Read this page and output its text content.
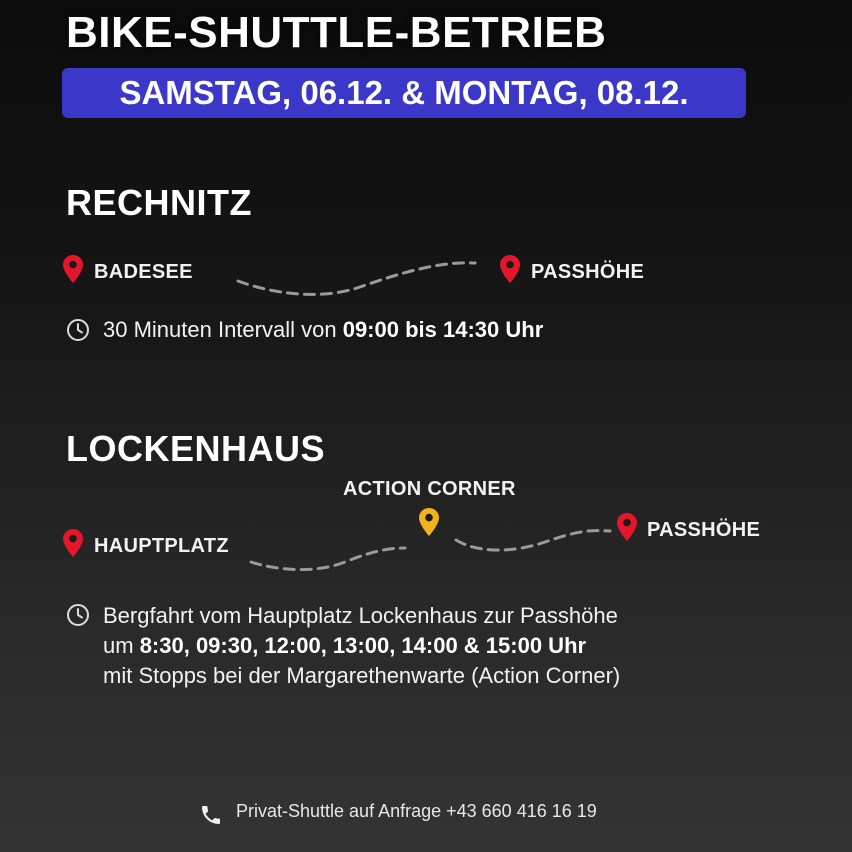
BIKE-SHUTTLE-BETRIEB
SAMSTAG, 06.12. & MONTAG, 08.12.
RECHNITZ
BADESEE	PASSHÖHE
30 Minuten Intervall von 09:00 bis 14:30 Uhr
LOCKENHAUS
ACTION CORNER
HAUPTPLATZ
PASSHÖHE
Bergfahrt vom Hauptplatz Lockenhaus zur Passhöhe
um 8:30, 09:30, 12:00, 13:00, 14:00 & 15:00 Uhr
mit Stopps bei der Margarethenwarte (Action Corner)
Privat-Shuttle auf Anfrage +43 660 416 16 19
